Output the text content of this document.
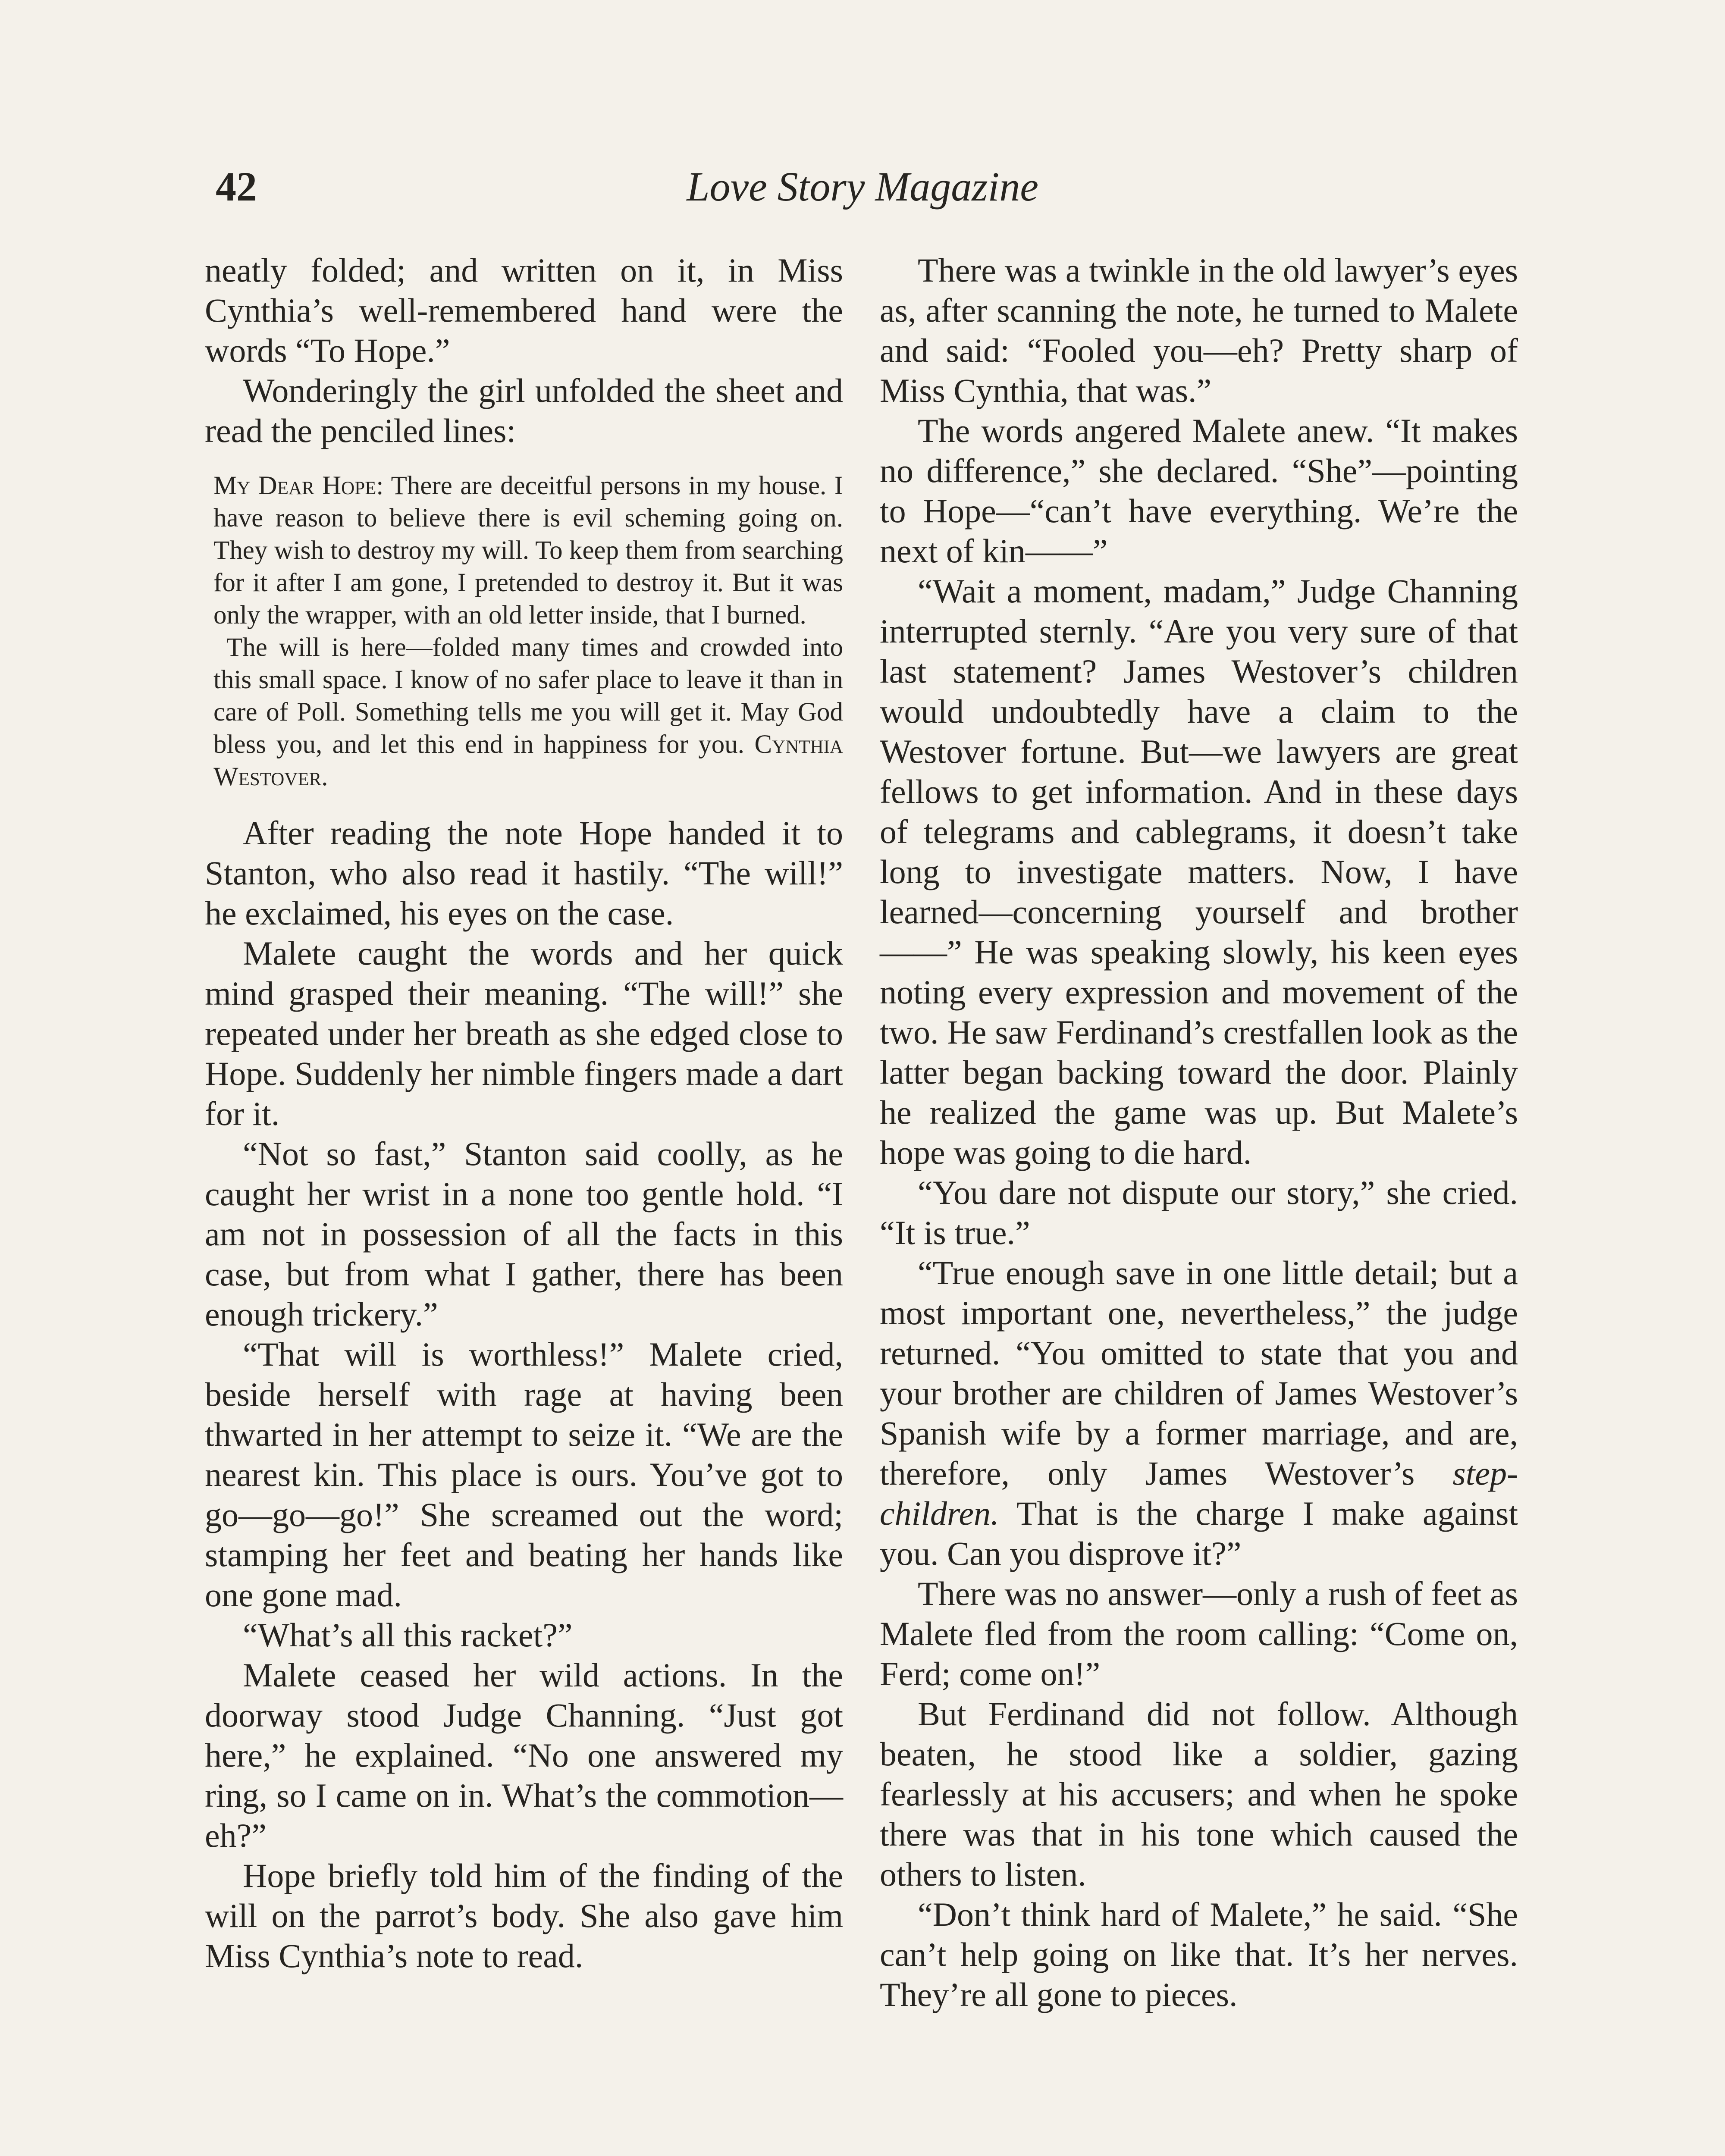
42	Love Story Magazine

neatly folded; and written on it, in Miss Cynthia’s well-remembered hand were the words “To Hope.”

Wonderingly the girl unfolded the sheet and read the penciled lines:

My Dear Hope: There are deceitful persons in my house. I have reason to believe there is evil scheming going on. They wish to destroy my will. To keep them from searching for it after I am gone, I pretended to destroy it. But it was only the wrapper, with an old letter inside, that I burned.

The will is here—folded many times and crowded into this small space. I know of no safer place to leave it than in care of Poll. Something tells me you will get it. May God bless you, and let this end in happiness for you. Cynthia Westover.

After reading the note Hope handed it to Stanton, who also read it hastily. “The will!” he exclaimed, his eyes on the case.

Malete caught the words and her quick mind grasped their meaning. “The will!” she repeated under her breath as she edged close to Hope. Suddenly her nimble fingers made a dart for it.

“Not so fast,” Stanton said coolly, as he caught her wrist in a none too gentle hold. “I am not in possession of all the facts in this case, but from what I gather, there has been enough trickery.”

“That will is worthless!” Malete cried, beside herself with rage at having been thwarted in her attempt to seize it. “We are the nearest kin. This place is ours. You’ve got to go—go—go!” She screamed out the word; stamping her feet and beating her hands like one gone mad.

“What’s all this racket?”

Malete ceased her wild actions. In the doorway stood Judge Channing. “Just got here,” he explained. “No one answered my ring, so I came on in. What’s the commotion—eh?”

Hope briefly told him of the finding of the will on the parrot’s body. She also gave him Miss Cynthia’s note to read.

There was a twinkle in the old lawyer’s eyes as, after scanning the note, he turned to Malete and said: “Fooled you—eh? Pretty sharp of Miss Cynthia, that was.”

The words angered Malete anew. “It makes no difference,” she declared. “She”—pointing to Hope—“can’t have everything. We’re the next of kin——”

“Wait a moment, madam,” Judge Channing interrupted sternly. “Are you very sure of that last statement? James Westover’s children would undoubtedly have a claim to the Westover fortune. But—we lawyers are great fellows to get information. And in these days of telegrams and cablegrams, it doesn’t take long to investigate matters. Now, I have learned—concerning yourself and brother——” He was speaking slowly, his keen eyes noting every expression and movement of the two. He saw Ferdinand’s crestfallen look as the latter began backing toward the door. Plainly he realized the game was up. But Malete’s hope was going to die hard.

“You dare not dispute our story,” she cried. “It is true.”

“True enough save in one little detail; but a most important one, nevertheless,” the judge returned. “You omitted to state that you and your brother are children of James Westover’s Spanish wife by a former marriage, and are, therefore, only James Westover’s step-children. That is the charge I make against you. Can you disprove it?”

There was no answer—only a rush of feet as Malete fled from the room calling: “Come on, Ferd; come on!”

But Ferdinand did not follow. Although beaten, he stood like a soldier, gazing fearlessly at his accusers; and when he spoke there was that in his tone which caused the others to listen.

“Don’t think hard of Malete,” he said. “She can’t help going on like that. It’s her nerves. They’re all gone to pieces.
